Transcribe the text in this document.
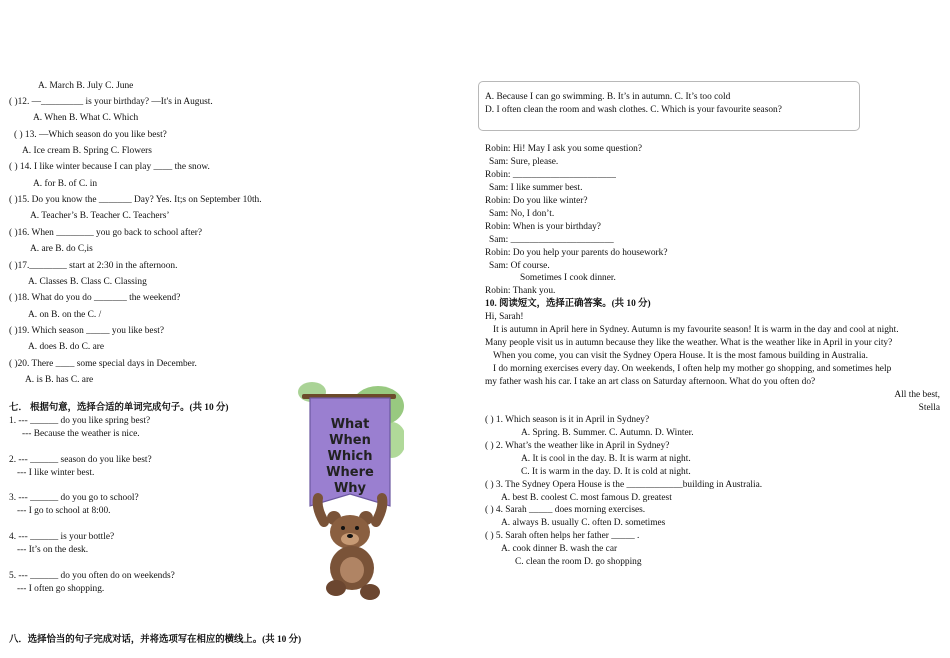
A. March B. July C. June
( )12. —_________ is your birthday? —It's in August.
A. When B. What C. Which
( ) 13. —Which season do you like best?
A. Ice cream B. Spring C. Flowers
( ) 14. I like winter because I can play ____ the snow.
A. for B. of C. in
( )15. Do you know the _______ Day? Yes. It;s on September 10th.
A. Teacher’s B. Teacher C. Teachers’
( )16. When ________ you go back to school after?
A. are B. do C,is
( )17.________ start at 2:30 in the afternoon.
A. Classes B. Class C. Classing
( )18. What do you do _______ the weekend?
A. on B. on the C. /
( )19. Which season _____ you like best?
A. does B. do C. are
( )20. There ____ some special days in December.
A. is B. has C. are
七． 根据句意，选择合适的单词完成句子。(共 10 分)
1. --- ______ do you like spring best?
--- Because the weather is nice.
2. --- ______ season do you like best?
--- I like winter best.
3. --- ______ do you go to school?
--- I go to school at 8:00.
4. --- ______ is your bottle?
--- It’s on the desk.
5. --- ______ do you often do on weekends?
--- I often go shopping.
八．选择恰当的句子完成对话，并将选项写在相应的横线上。(共 10 分)
What
When
Which
Where
Why
A. Because I can go swimming. B. It’s in autumn. C. It’s too cold
D. I often clean the room and wash clothes. C. Which is your favourite season?
Robin: Hi! May I ask you some question?
Sam: Sure, please.
Robin: ______________________
Sam: I like summer best.
Robin: Do you like winter?
Sam: No, I don’t.
Robin: When is your birthday?
Sam: ______________________
Robin: Do you help your parents do housework?
Sam: Of course.
Sometimes I cook dinner.
Robin: Thank you.
10. 阅读短文，选择正确答案。(共 10 分)
Hi, Sarah!
It is autumn in April here in Sydney. Autumn is my favourite season! It is warm in the day and cool at night.
Many people visit us in autumn because they like the weather. What is the weather like in April in your city?
When you come, you can visit the Sydney Opera House. It is the most famous building in Australia.
I do morning exercises every day. On weekends, I often help my mother go shopping, and sometimes help
my father wash his car. I take an art class on Saturday afternoon. What do you often do?
All the best,
Stella
( ) 1. Which season is it in April in Sydney?
A. Spring. B. Summer. C. Autumn. D. Winter.
( ) 2. What’s the weather like in April in Sydney?
A. It is cool in the day. B. It is warm at night.
C. It is warm in the day. D. It is cold at night.
( ) 3. The Sydney Opera House is the ____________building in Australia.
A. best B. coolest C. most famous D. greatest
( ) 4. Sarah _____ does morning exercises.
A. always B. usually C. often D. sometimes
( ) 5. Sarah often helps her father _____ .
A. cook dinner B. wash the car
C. clean the room D. go shopping
